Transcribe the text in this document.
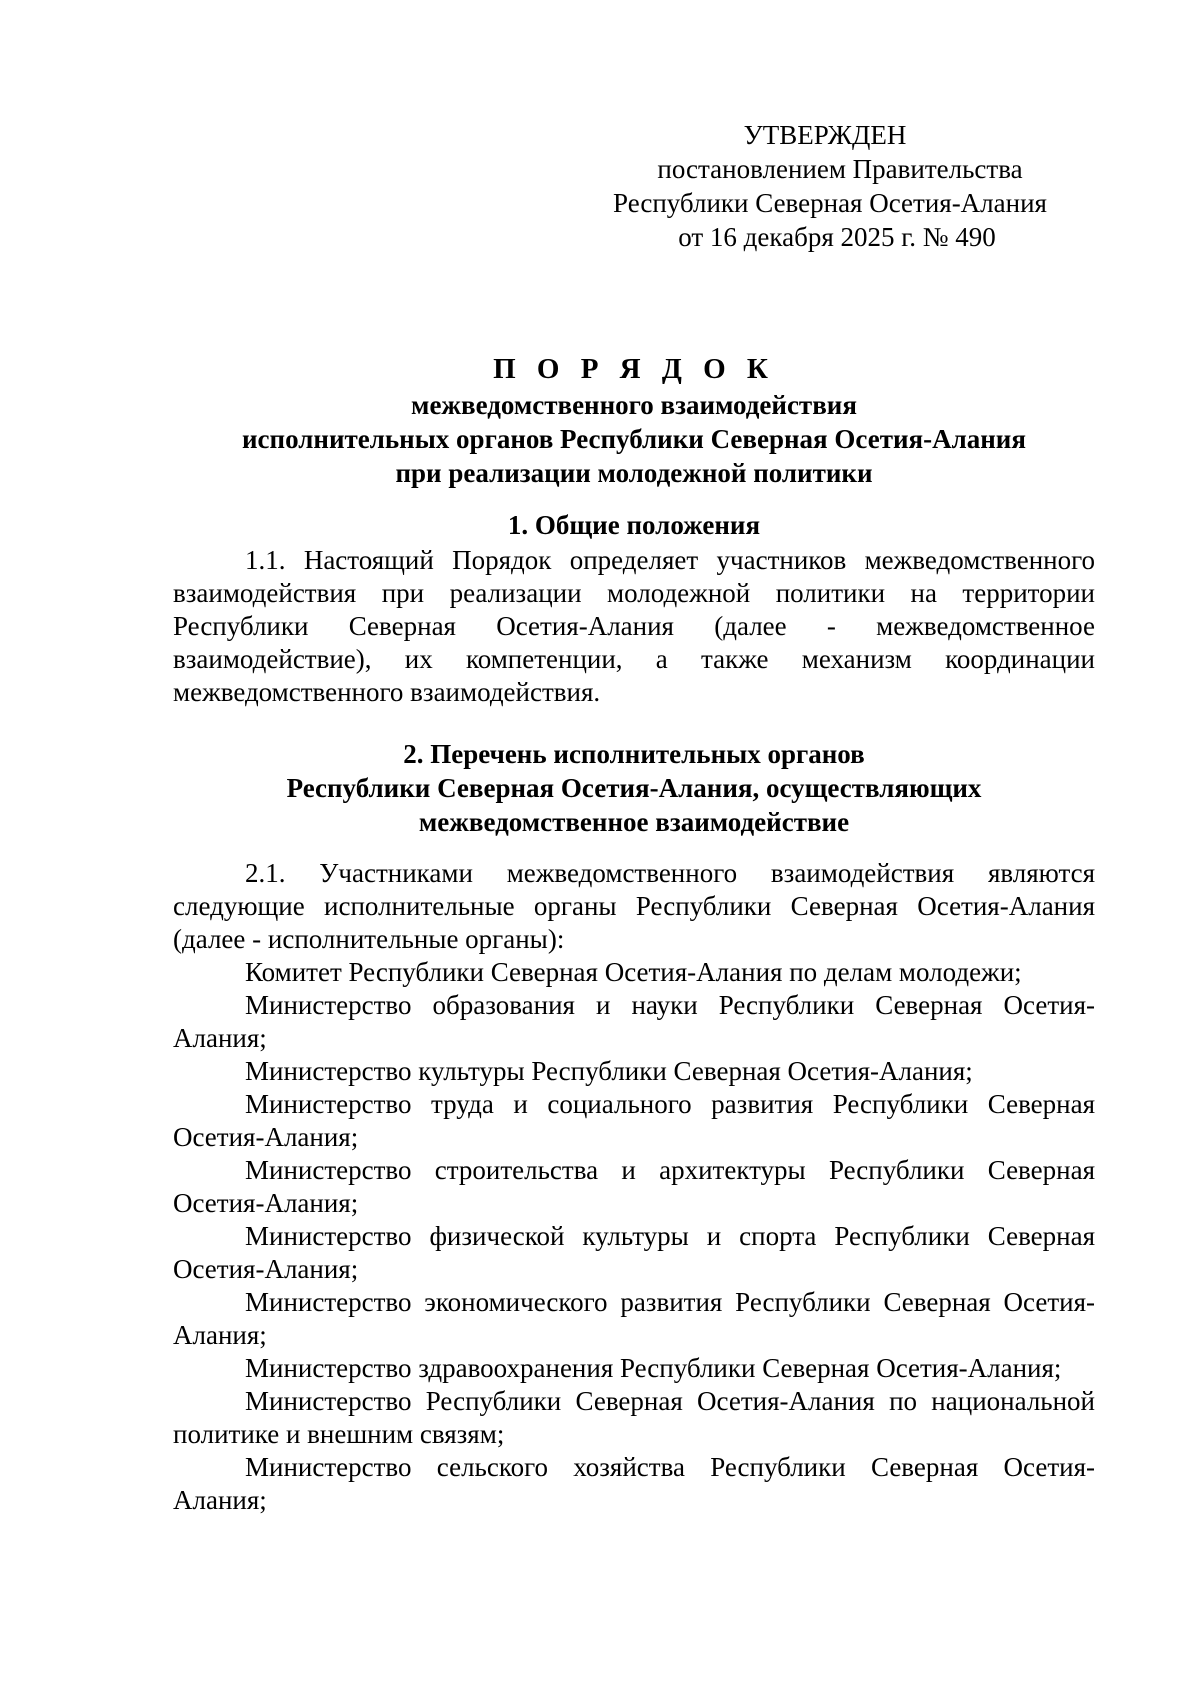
УТВЕРЖДЕН
постановлением Правительства
Республики Северная Осетия-Алания
от 16 декабря 2025 г. № 490
П О Р Я Д О К
межведомственного взаимодействия
исполнительных органов Республики Северная Осетия-Алания
при реализации молодежной политики
1. Общие положения

1.1. Настоящий Порядок определяет участников межведомственного взаимодействия при реализации молодежной политики на территории Республики Северная Осетия-Алания (далее - межведомственное взаимодействие), их компетенции, а также механизм координации межведомственного взаимодействия.

2. Перечень исполнительных органов
Республики Северная Осетия-Алания, осуществляющих
межведомственное взаимодействие

2.1. Участниками межведомственного взаимодействия являются следующие исполнительные органы Республики Северная Осетия-Алания (далее - исполнительные органы):

Комитет Республики Северная Осетия-Алания по делам молодежи;
Министерство образования и науки Республики Северная Осетия-Алания;
Министерство культуры Республики Северная Осетия-Алания;
Министерство труда и социального развития Республики Северная Осетия-Алания;
Министерство строительства и архитектуры Республики Северная Осетия-Алания;
Министерство физической культуры и спорта Республики Северная Осетия-Алания;
Министерство экономического развития Республики Северная Осетия-Алания;
Министерство здравоохранения Республики Северная Осетия-Алания;
Министерство Республики Северная Осетия-Алания по национальной политике и внешним связям;
Министерство сельского хозяйства Республики Северная Осетия-Алания;
